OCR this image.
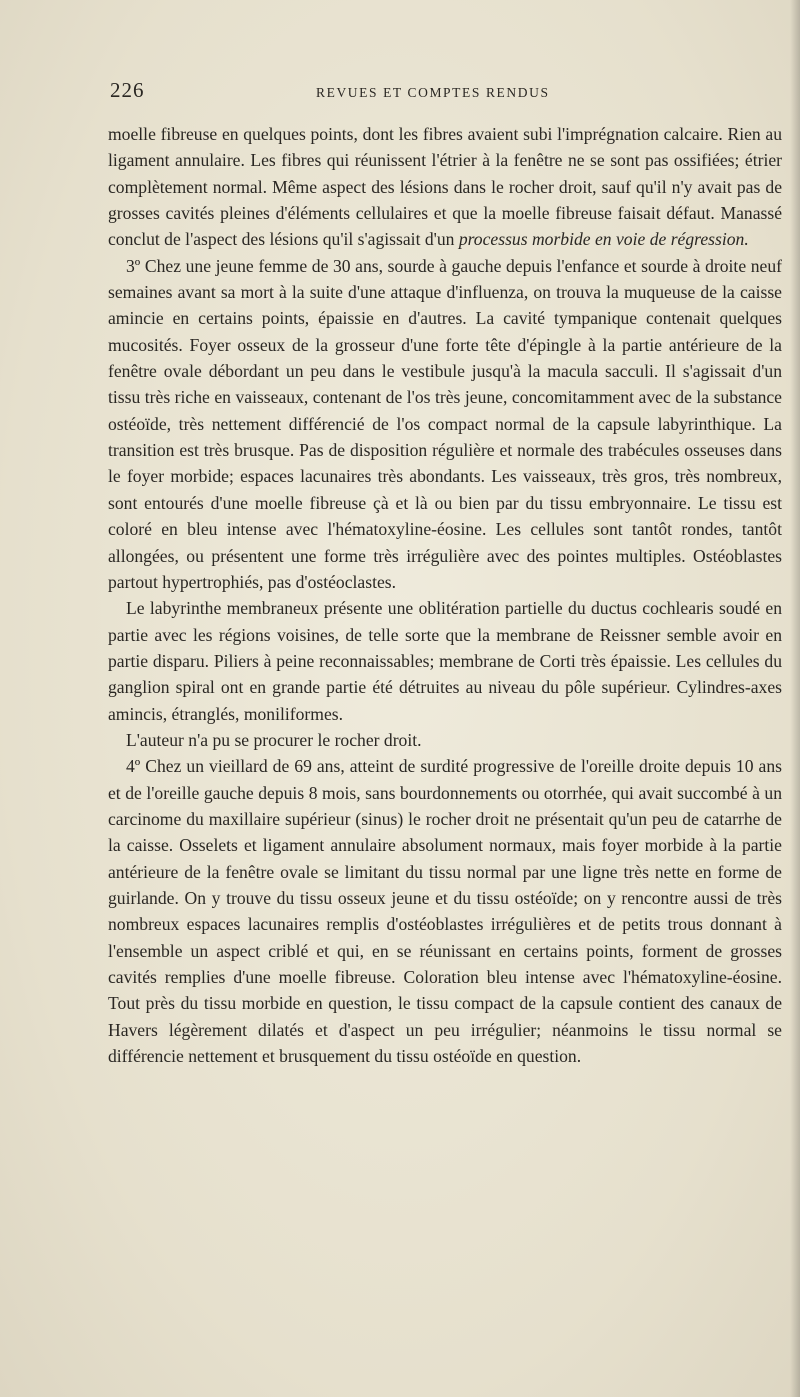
226	REVUES ET COMPTES RENDUS

moelle fibreuse en quelques points, dont les fibres avaient subi l'imprégnation calcaire. Rien au ligament annulaire. Les fibres qui réunissent l'étrier à la fenêtre ne se sont pas ossifiées; étrier complètement normal. Même aspect des lésions dans le rocher droit, sauf qu'il n'y avait pas de grosses cavités pleines d'éléments cellulaires et que la moelle fibreuse faisait défaut. Manassé conclut de l'aspect des lésions qu'il s'agissait d'un processus morbide en voie de régression.

3º Chez une jeune femme de 30 ans, sourde à gauche depuis l'enfance et sourde à droite neuf semaines avant sa mort à la suite d'une attaque d'influenza, on trouva la muqueuse de la caisse amincie en certains points, épaissie en d'autres. La cavité tympanique contenait quelques mucosités. Foyer osseux de la grosseur d'une forte tête d'épingle à la partie antérieure de la fenêtre ovale débordant un peu dans le vestibule jusqu'à la macula sacculi. Il s'agissait d'un tissu très riche en vaisseaux, contenant de l'os très jeune, concomitamment avec de la substance ostéoïde, très nettement différencié de l'os compact normal de la capsule labyrinthique. La transition est très brusque. Pas de disposition régulière et normale des trabécules osseuses dans le foyer morbide; espaces lacunaires très abondants. Les vaisseaux, très gros, très nombreux, sont entourés d'une moelle fibreuse çà et là ou bien par du tissu embryonnaire. Le tissu est coloré en bleu intense avec l'hématoxyline-éosine. Les cellules sont tantôt rondes, tantôt allongées, ou présentent une forme très irrégulière avec des pointes multiples. Ostéoblastes partout hypertrophiés, pas d'ostéoclastes.

Le labyrinthe membraneux présente une oblitération partielle du ductus cochlearis soudé en partie avec les régions voisines, de telle sorte que la membrane de Reissner semble avoir en partie disparu. Piliers à peine reconnaissables; membrane de Corti très épaissie. Les cellules du ganglion spiral ont en grande partie été détruites au niveau du pôle supérieur. Cylindres-axes amincis, étranglés, moniliformes.

L'auteur n'a pu se procurer le rocher droit.

4º Chez un vieillard de 69 ans, atteint de surdité progressive de l'oreille droite depuis 10 ans et de l'oreille gauche depuis 8 mois, sans bourdonnements ou otorrhée, qui avait succombé à un carcinome du maxillaire supérieur (sinus) le rocher droit ne présentait qu'un peu de catarrhe de la caisse. Osselets et ligament annulaire absolument normaux, mais foyer morbide à la partie antérieure de la fenêtre ovale se limitant du tissu normal par une ligne très nette en forme de guirlande. On y trouve du tissu osseux jeune et du tissu ostéoïde; on y rencontre aussi de très nombreux espaces lacunaires remplis d'ostéoblastes irrégulières et de petits trous donnant à l'ensemble un aspect criblé et qui, en se réunissant en certains points, forment de grosses cavités remplies d'une moelle fibreuse. Coloration bleu intense avec l'hématoxyline-éosine. Tout près du tissu morbide en question, le tissu compact de la capsule contient des canaux de Havers légèrement dilatés et d'aspect un peu irrégulier; néanmoins le tissu normal se différencie nettement et brusquement du tissu ostéoïde en question.
